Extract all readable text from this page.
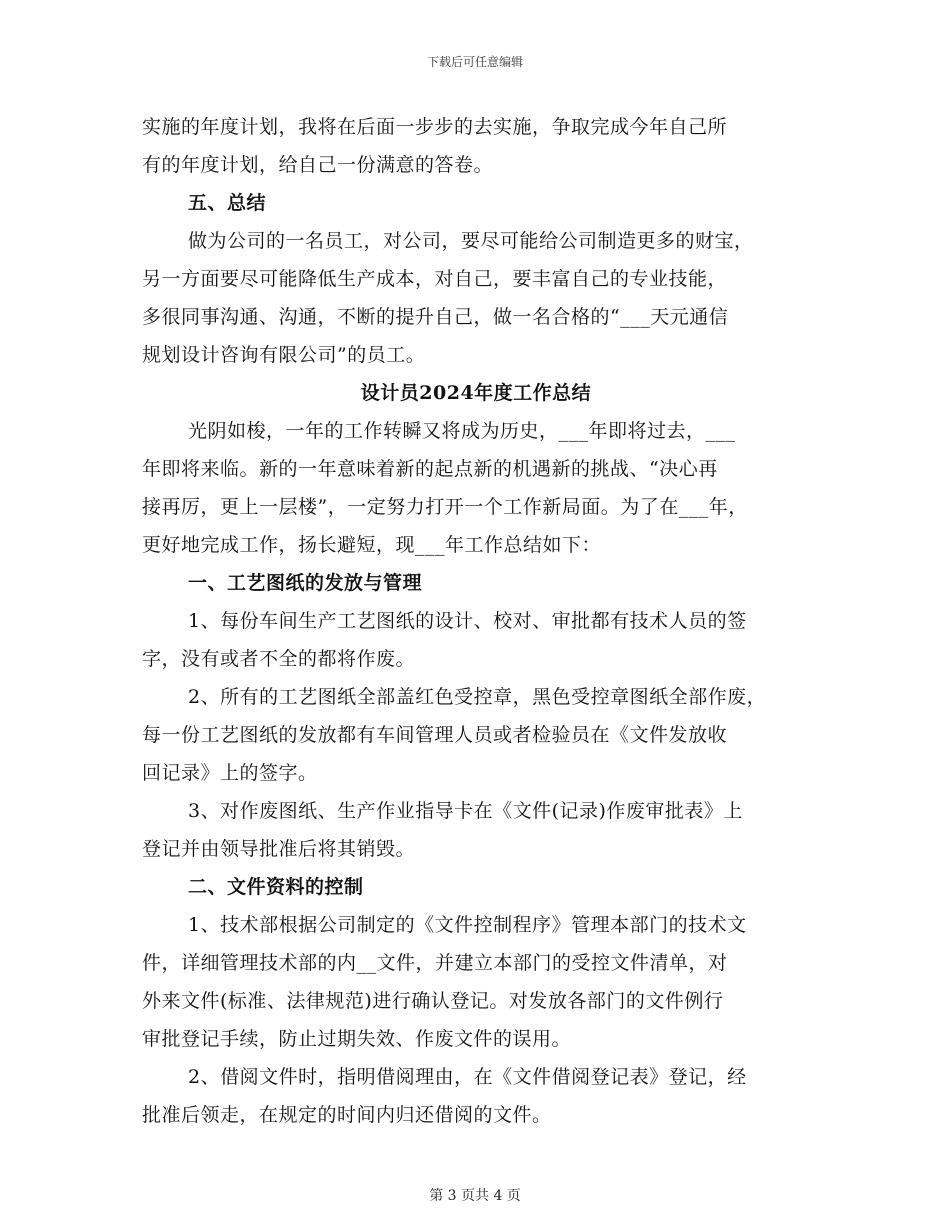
下载后可任意编辑
实施的年度计划，我将在后面一步步的去实施，争取完成今年自己所
有的年度计划，给自己一份满意的答卷。
五、总结
做为公司的一名员工，对公司，要尽可能给公司制造更多的财宝，
另一方面要尽可能降低生产成本，对自己，要丰富自己的专业技能，
多很同事沟通、沟通，不断的提升自己，做一名合格的“___天元通信
规划设计咨询有限公司”的员工。
设计员2024年度工作总结
光阴如梭，一年的工作转瞬又将成为历史，___年即将过去，___
年即将来临。新的一年意味着新的起点新的机遇新的挑战、“决心再
接再厉，更上一层楼”，一定努力打开一个工作新局面。为了在___年，
更好地完成工作，扬长避短，现___年工作总结如下：
一、工艺图纸的发放与管理
1、每份车间生产工艺图纸的设计、校对、审批都有技术人员的签
字，没有或者不全的都将作废。
2、所有的工艺图纸全部盖红色受控章，黑色受控章图纸全部作废，
每一份工艺图纸的发放都有车间管理人员或者检验员在《文件发放收
回记录》上的签字。
3、对作废图纸、生产作业指导卡在《文件(记录)作废审批表》上
登记并由领导批准后将其销毁。
二、文件资料的控制
1、技术部根据公司制定的《文件控制程序》管理本部门的技术文
件，详细管理技术部的内__文件，并建立本部门的受控文件清单，对
外来文件(标准、法律规范)进行确认登记。对发放各部门的文件例行
审批登记手续，防止过期失效、作废文件的误用。
2、借阅文件时，指明借阅理由，在《文件借阅登记表》登记，经
批准后领走，在规定的时间内归还借阅的文件。
第 3 页共 4 页
